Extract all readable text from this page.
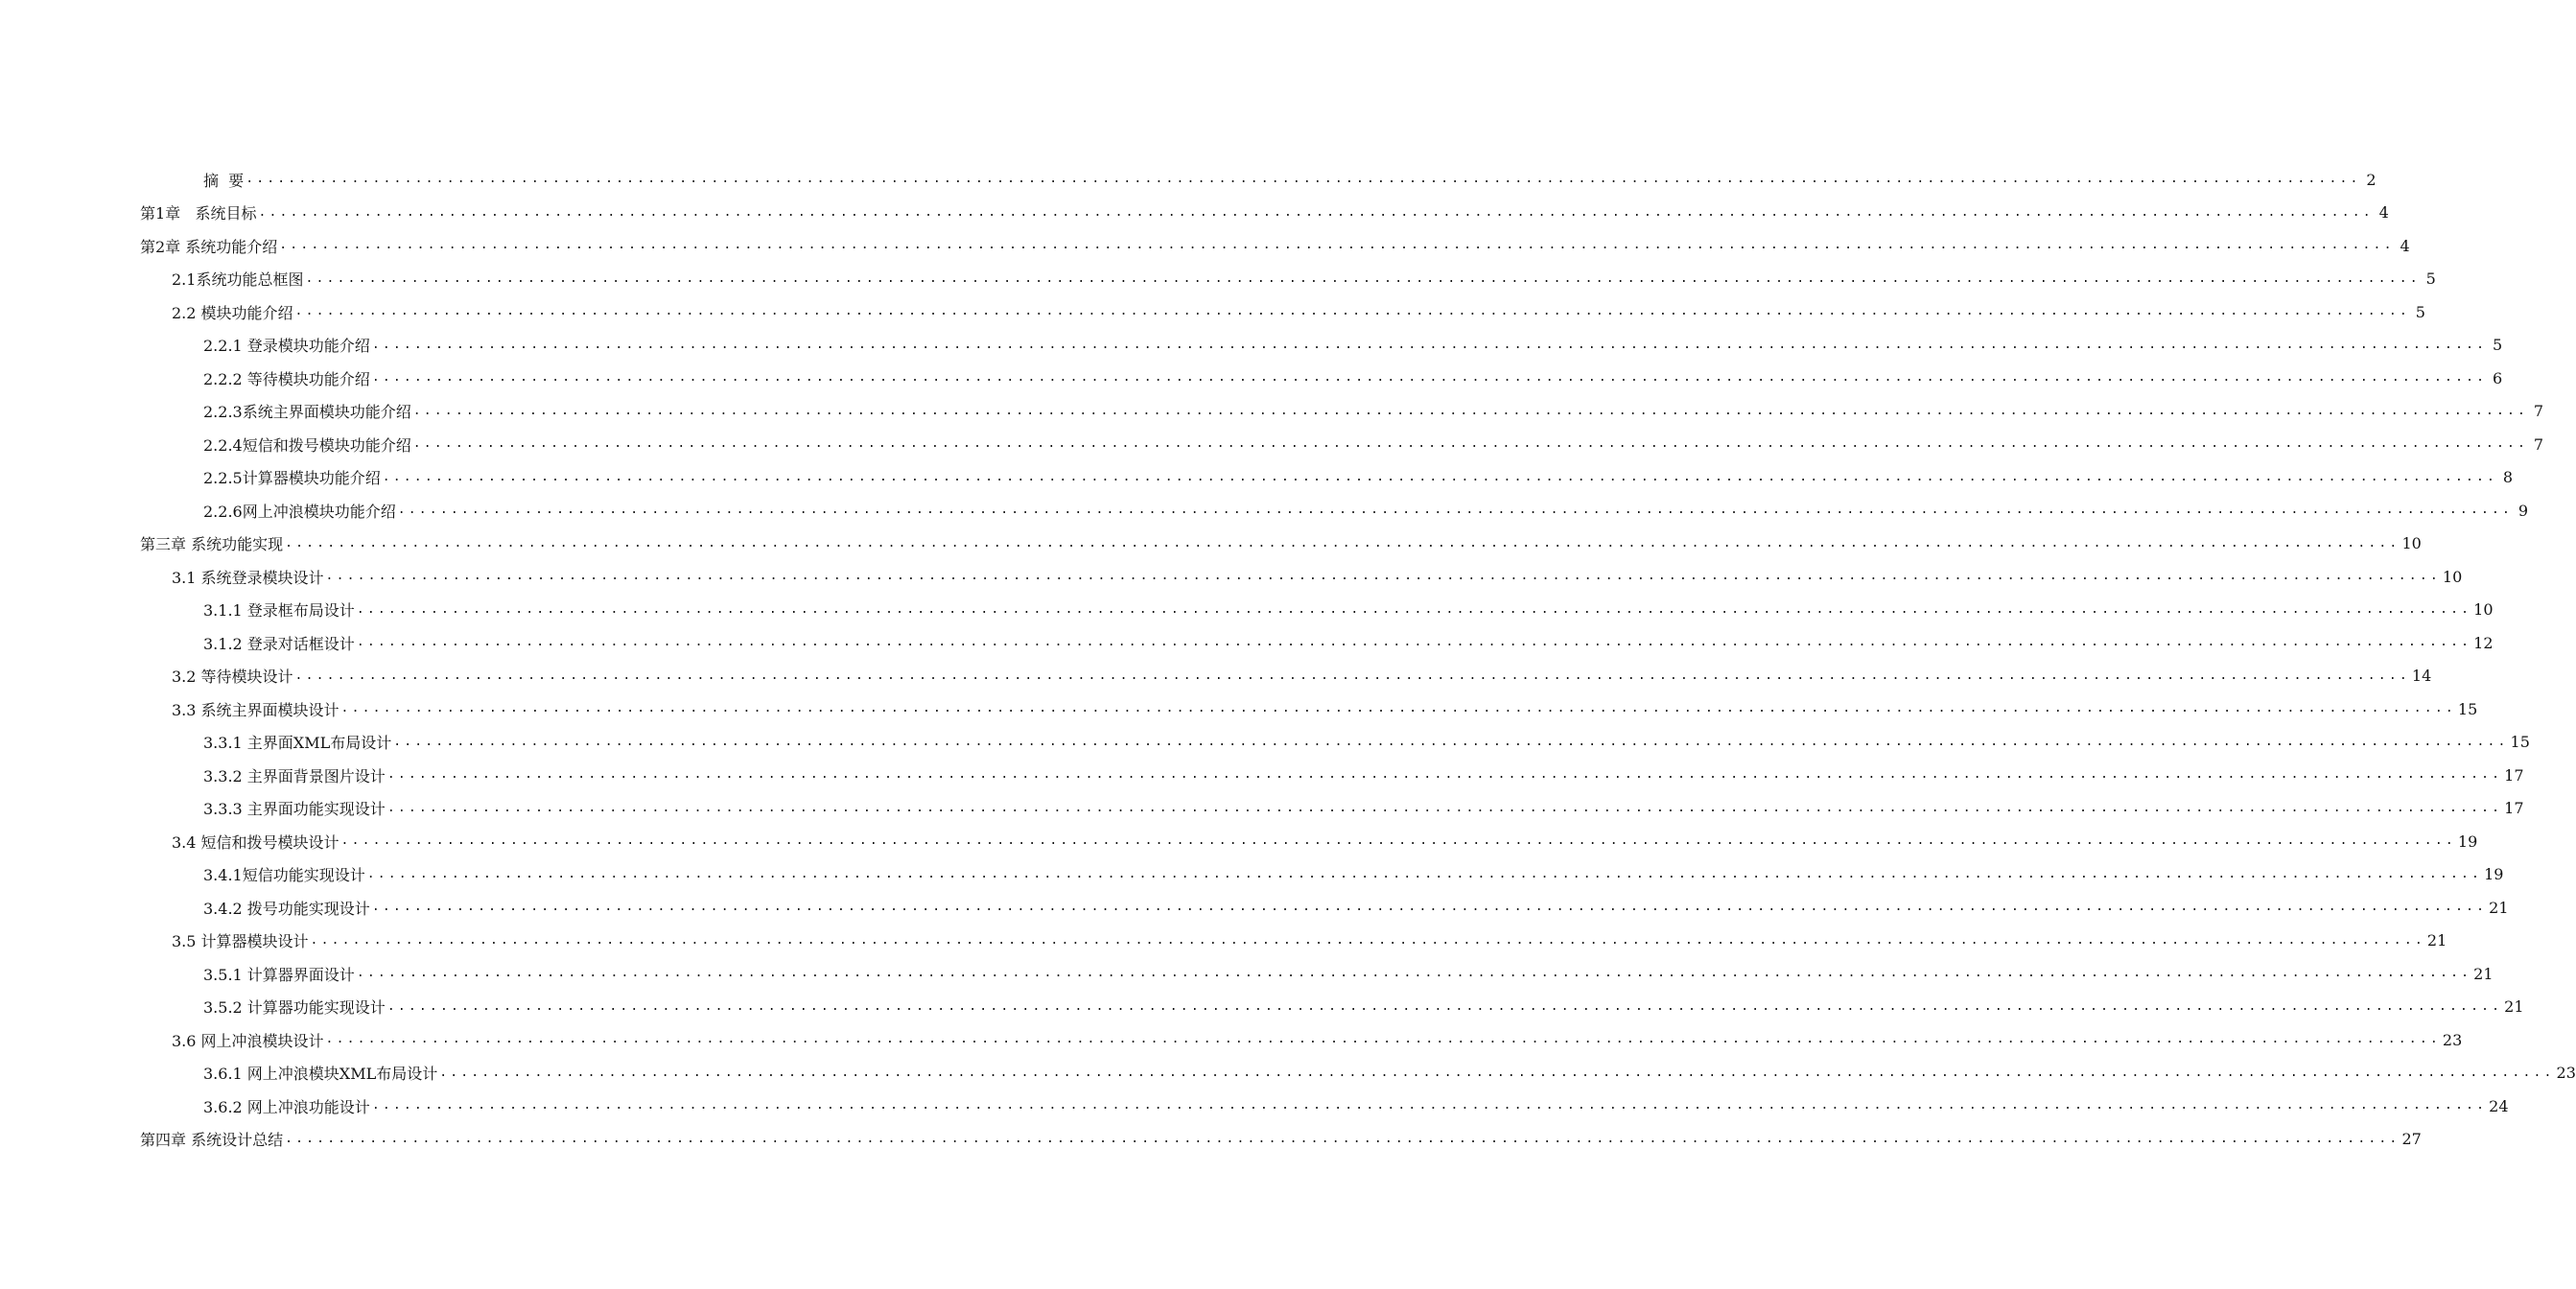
摘  要 ........................................................................................................................................................................................................ 2
第1章   系统目标 ........................................................................................................................................................................................................ 4
第2章 系统功能介绍 ........................................................................................................................................................................................................ 4
2.1系统功能总框图 ........................................................................................................................................................................................................ 5
2.2 模块功能介绍 ........................................................................................................................................................................................................ 5
2.2.1 登录模块功能介绍 ........................................................................................................................................................................................................ 5
2.2.2 等待模块功能介绍 ........................................................................................................................................................................................................ 6
2.2.3系统主界面模块功能介绍 ........................................................................................................................................................................................................ 7
2.2.4短信和拨号模块功能介绍 ........................................................................................................................................................................................................ 7
2.2.5计算器模块功能介绍 ........................................................................................................................................................................................................ 8
2.2.6网上冲浪模块功能介绍 ........................................................................................................................................................................................................ 9
第三章 系统功能实现 ........................................................................................................................................................................................................ 10
3.1 系统登录模块设计 ........................................................................................................................................................................................................ 10
3.1.1 登录框布局设计 ........................................................................................................................................................................................................ 10
3.1.2 登录对话框设计 ........................................................................................................................................................................................................ 12
3.2 等待模块设计 ........................................................................................................................................................................................................ 14
3.3 系统主界面模块设计 ........................................................................................................................................................................................................ 15
3.3.1 主界面XML布局设计 ........................................................................................................................................................................................................ 15
3.3.2 主界面背景图片设计 ........................................................................................................................................................................................................ 17
3.3.3 主界面功能实现设计 ........................................................................................................................................................................................................ 17
3.4 短信和拨号模块设计 ........................................................................................................................................................................................................ 19
3.4.1短信功能实现设计 ........................................................................................................................................................................................................ 19
3.4.2 拨号功能实现设计 ........................................................................................................................................................................................................ 21
3.5 计算器模块设计 ........................................................................................................................................................................................................ 21
3.5.1 计算器界面设计 ........................................................................................................................................................................................................ 21
3.5.2 计算器功能实现设计 ........................................................................................................................................................................................................ 21
3.6 网上冲浪模块设计 ........................................................................................................................................................................................................ 23
3.6.1 网上冲浪模块XML布局设计 ........................................................................................................................................................................................................ 23
3.6.2 网上冲浪功能设计 ........................................................................................................................................................................................................ 24
第四章 系统设计总结 ........................................................................................................................................................................................................ 27
